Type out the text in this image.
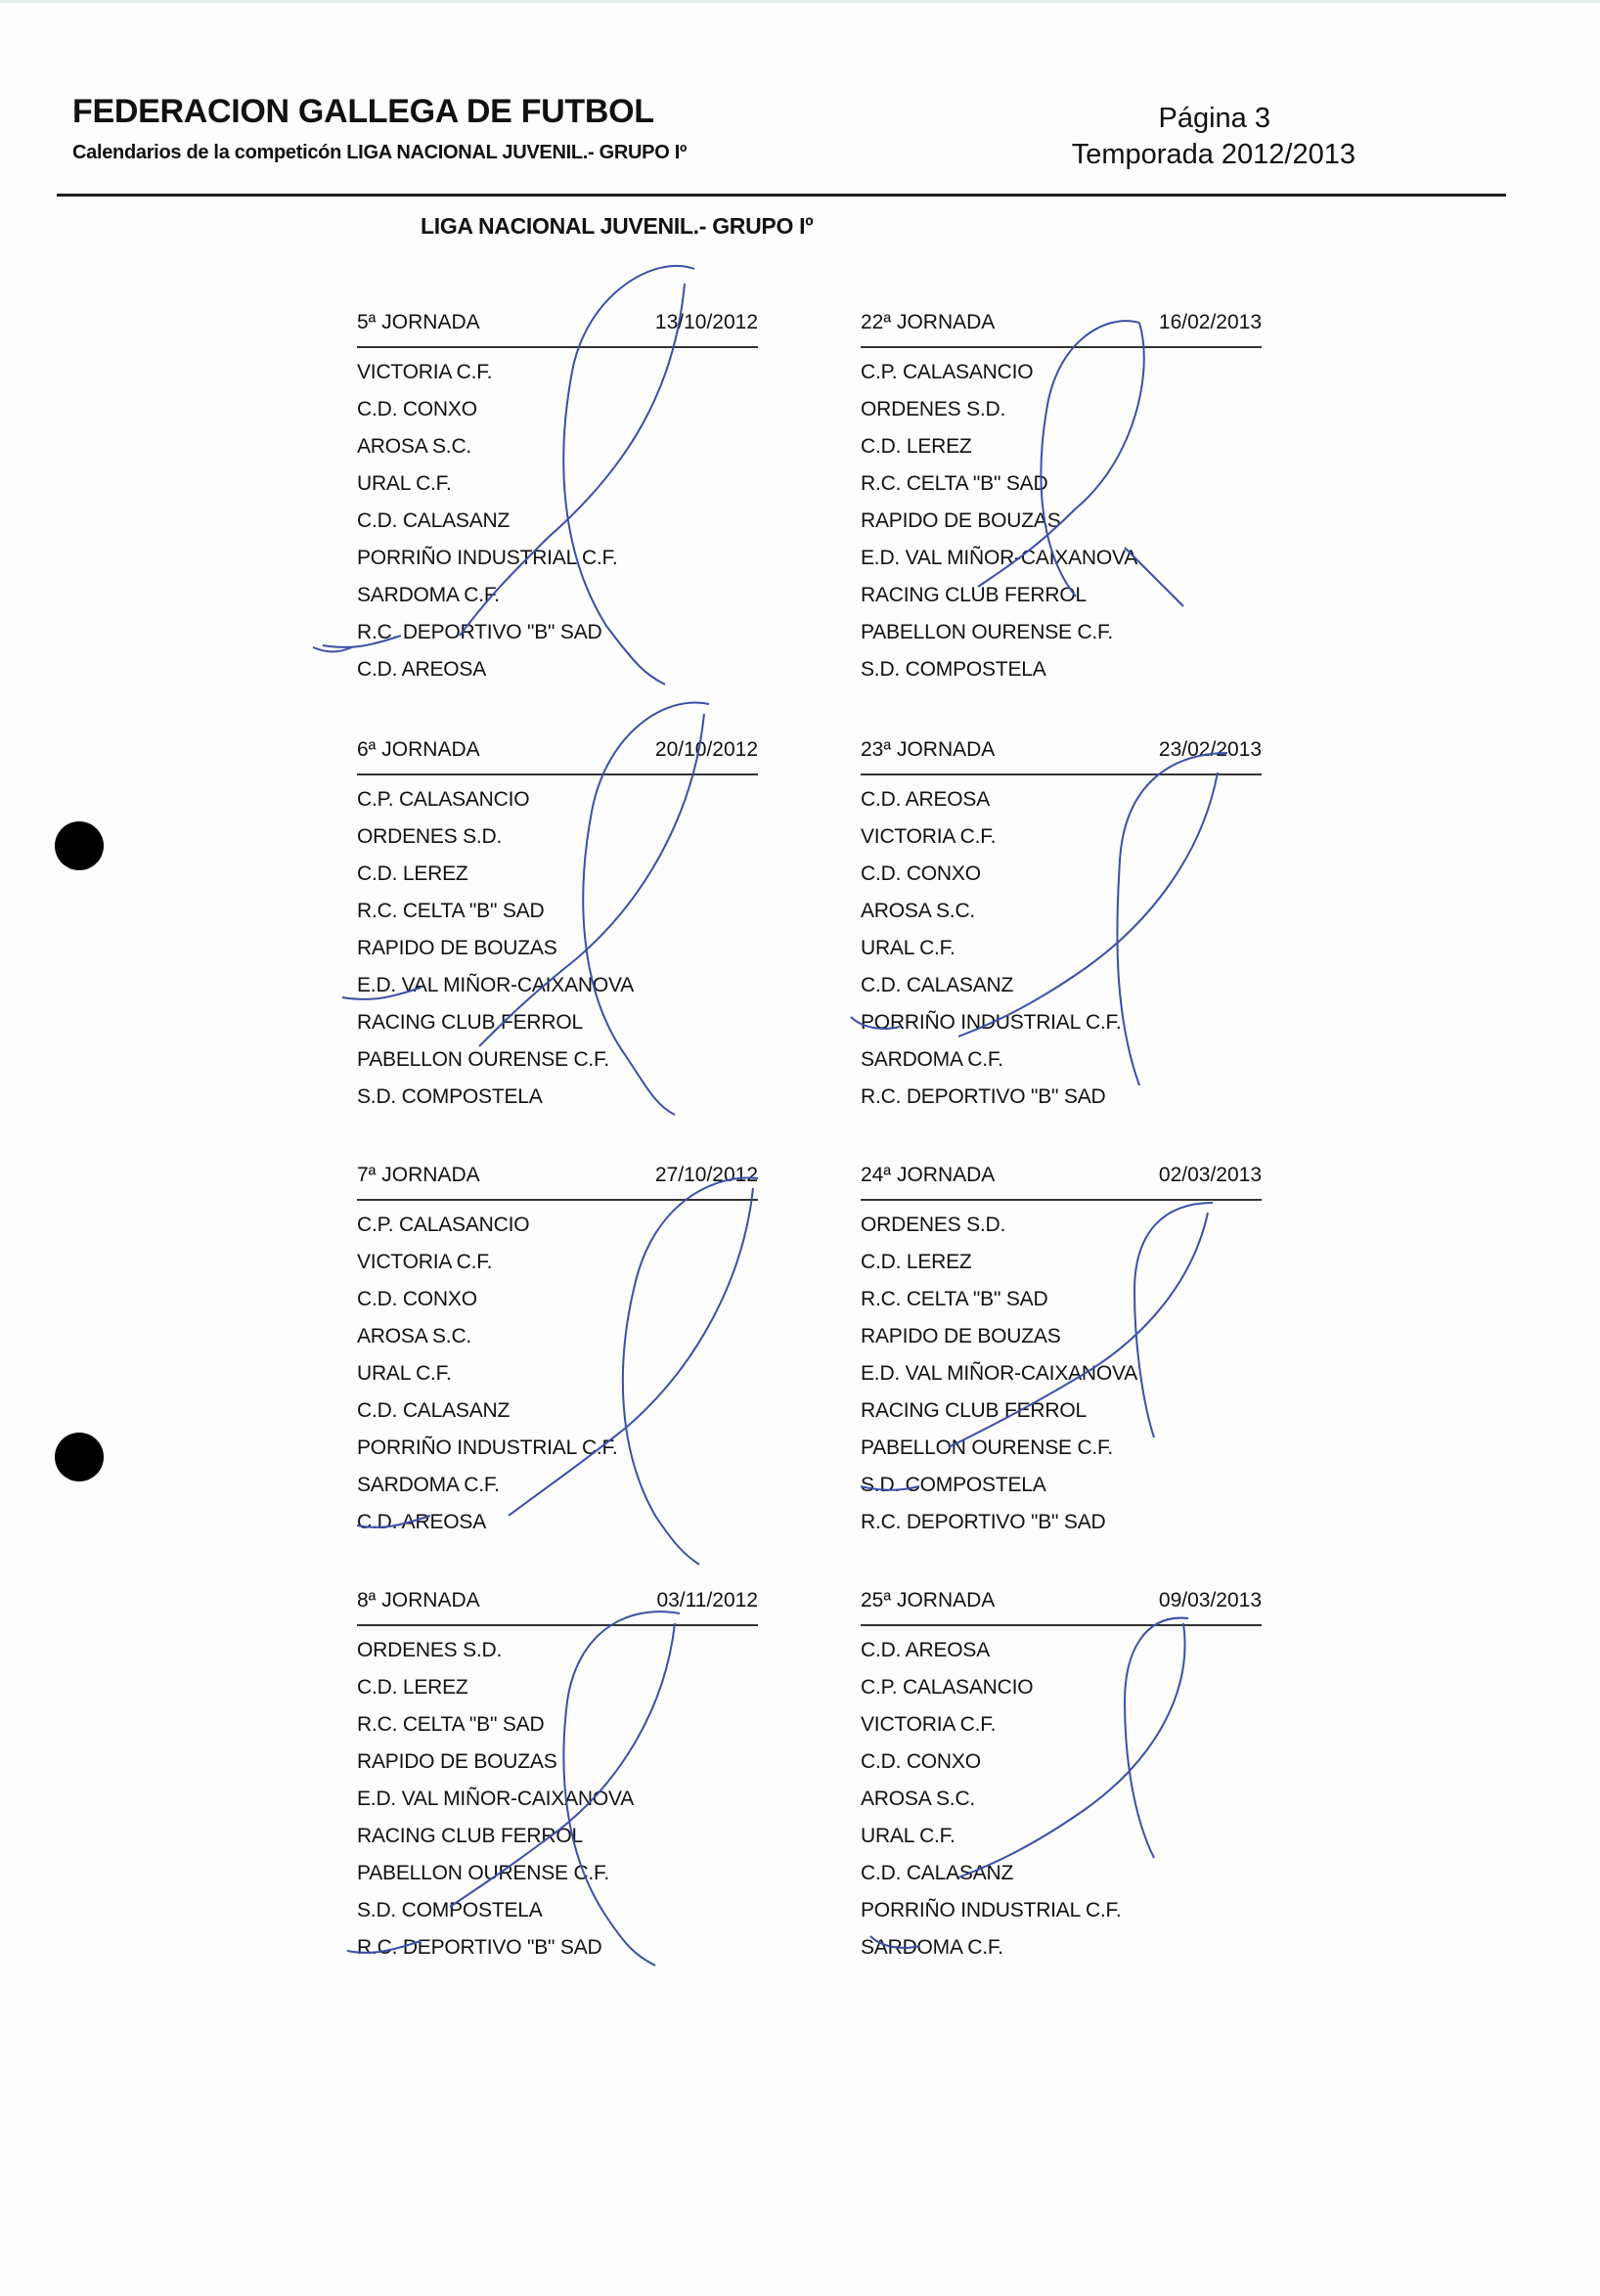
FEDERACION GALLEGA DE FUTBOL
Calendarios de la competicón LIGA NACIONAL JUVENIL.- GRUPO Iº
Página 3
Temporada 2012/2013
LIGA NACIONAL JUVENIL.- GRUPO Iº
5ª JORNADA	13/10/2012
VICTORIA C.F.
C.D. CONXO
AROSA S.C.
URAL C.F.
C.D. CALASANZ
PORRIÑO INDUSTRIAL C.F.
SARDOMA C.F.
R.C. DEPORTIVO "B" SAD
C.D. AREOSA
22ª JORNADA	16/02/2013
C.P. CALASANCIO
ORDENES S.D.
C.D. LEREZ
R.C. CELTA "B" SAD
RAPIDO DE BOUZAS
E.D. VAL MIÑOR-CAIXANOVA
RACING CLUB FERROL
PABELLON OURENSE C.F.
S.D. COMPOSTELA
6ª JORNADA	20/10/2012
C.P. CALASANCIO
ORDENES S.D.
C.D. LEREZ
R.C. CELTA "B" SAD
RAPIDO DE BOUZAS
E.D. VAL MIÑOR-CAIXANOVA
RACING CLUB FERROL
PABELLON OURENSE C.F.
S.D. COMPOSTELA
23ª JORNADA	23/02/2013
C.D. AREOSA
VICTORIA C.F.
C.D. CONXO
AROSA S.C.
URAL C.F.
C.D. CALASANZ
PORRIÑO INDUSTRIAL C.F.
SARDOMA C.F.
R.C. DEPORTIVO "B" SAD
7ª JORNADA	27/10/2012
C.P. CALASANCIO
VICTORIA C.F.
C.D. CONXO
AROSA S.C.
URAL C.F.
C.D. CALASANZ
PORRIÑO INDUSTRIAL C.F.
SARDOMA C.F.
C.D. AREOSA
24ª JORNADA	02/03/2013
ORDENES S.D.
C.D. LEREZ
R.C. CELTA "B" SAD
RAPIDO DE BOUZAS
E.D. VAL MIÑOR-CAIXANOVA
RACING CLUB FERROL
PABELLON OURENSE C.F.
S.D. COMPOSTELA
R.C. DEPORTIVO "B" SAD
8ª JORNADA	03/11/2012
ORDENES S.D.
C.D. LEREZ
R.C. CELTA "B" SAD
RAPIDO DE BOUZAS
E.D. VAL MIÑOR-CAIXANOVA
RACING CLUB FERROL
PABELLON OURENSE C.F.
S.D. COMPOSTELA
R.C. DEPORTIVO "B" SAD
25ª JORNADA	09/03/2013
C.D. AREOSA
C.P. CALASANCIO
VICTORIA C.F.
C.D. CONXO
AROSA S.C.
URAL C.F.
C.D. CALASANZ
PORRIÑO INDUSTRIAL C.F.
SARDOMA C.F.
